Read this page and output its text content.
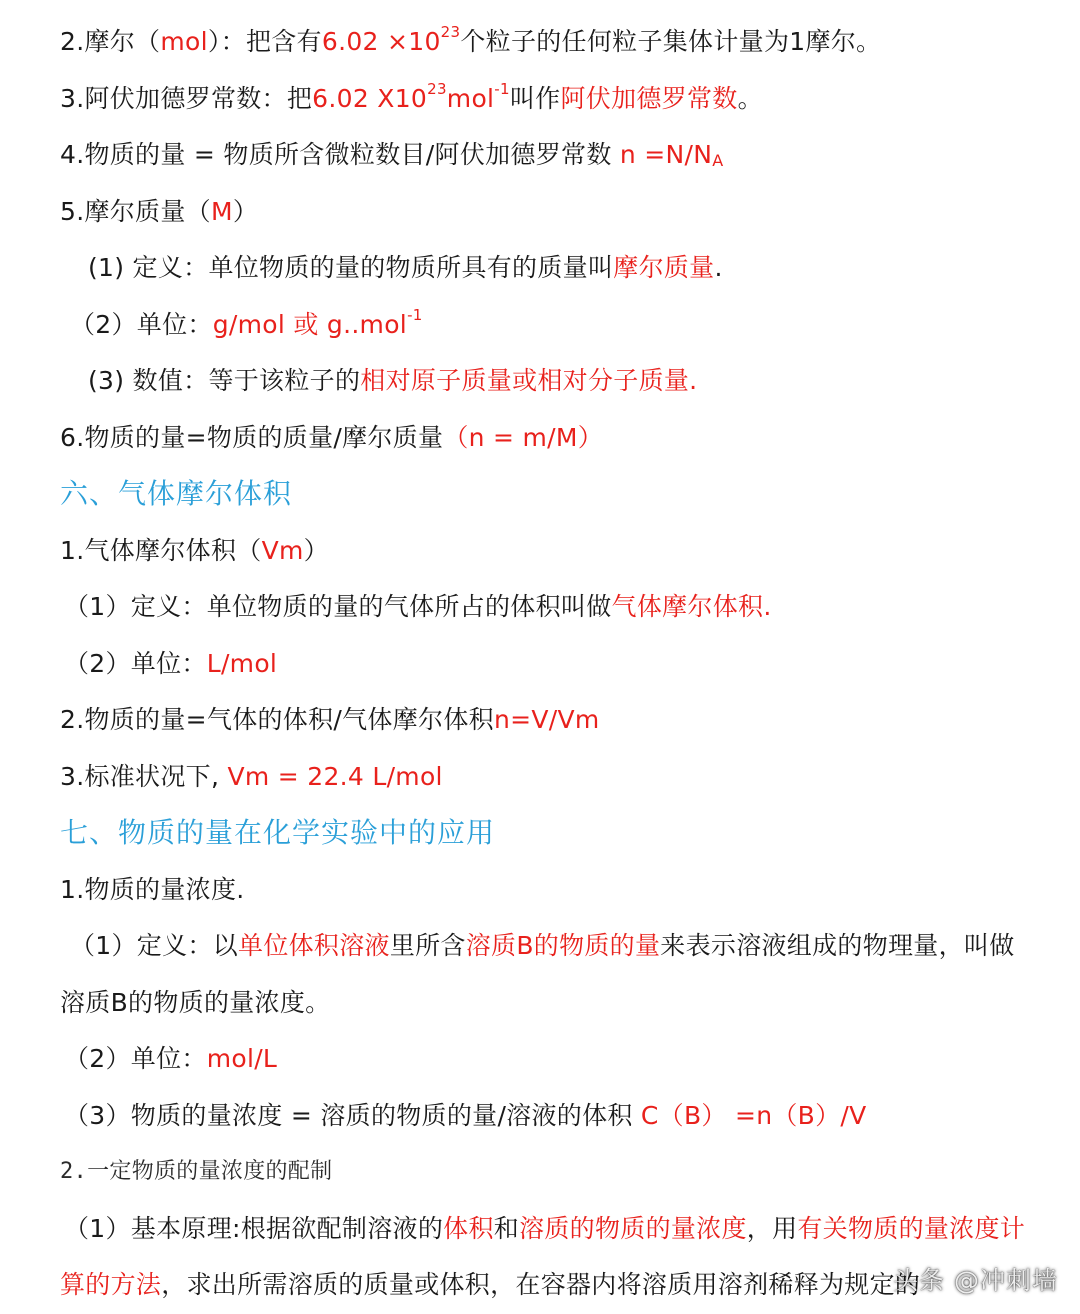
2.摩尔（mol）：把含有$6.02 \times 10^{23}$个粒子的任何粒子集体计量为1摩尔。
3.阿伏加德罗常数：把6.02 $X10^{23}mol^{-1}$叫作阿伏加德罗常数。
4.物质的量 = 物质所含微粒数目/阿伏加德罗常数 n =N/NA
5.摩尔质量（M）
(1) 定义：单位物质的量的物质所具有的质量叫摩尔质量.
（2）单位：g/mol 或 g..mol$^{-1}$
(3) 数值：等于该粒子的相对原子质量或相对分子质量.
6.物质的量=物质的质量/摩尔质量（n = m/M）
六、气体摩尔体积
1.气体摩尔体积（Vm）
（1）定义：单位物质的量的气体所占的体积叫做气体摩尔体积.
（2）单位：L/mol
2.物质的量=气体的体积/气体摩尔体积n=V/Vm
3.标准状况下, Vm = 22.4 L/mol
七、物质的量在化学实验中的应用
1.物质的量浓度.
（1）定义：以单位体积溶液里所含溶质B的物质的量来表示溶液组成的物理量，叫做
溶质B的物质的量浓度。
（2）单位：mol/L
（3）物质的量浓度 = 溶质的物质的量/溶液的体积 C（B） =n（B）/V
2.一定物质的量浓度的配制
（1）基本原理:根据欲配制溶液的体积和溶质的物质的量浓度，用有关物质的量浓度计
算的方法，求出所需溶质的质量或体积，在容器内将溶质用溶剂稀释为规定的
头条 @冲刺墙
